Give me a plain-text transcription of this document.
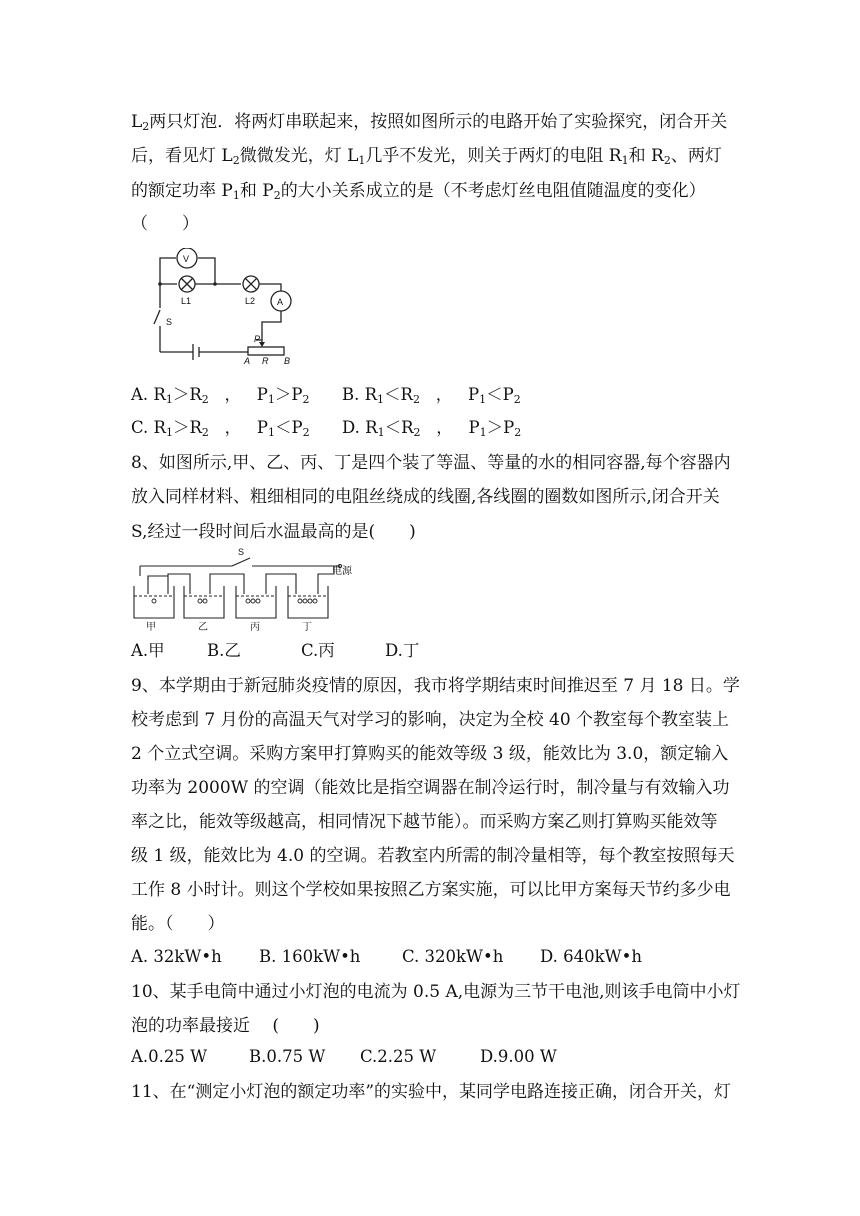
$L_2$两只灯泡．将两灯串联起来，按照如图所示的电路开始了实验探究，闭合开关
后，看见灯 $L_2$微微发光，灯 $L_1$几乎不发光，则关于两灯的电阻 $R_1$和 $R_2$、两灯
的额定功率 $P_1$和 $P_2$的大小关系成立的是（不考虑灯丝电阻值随温度的变化）
（　　）
V
A
L1	L2
S
P
A R B
A. $R_1>R_2$ ， $P_1>P_2$ B. $R_1<R_2$ ， $P_1<P_2$
C. $R_1>R_2$ ， $P_1<P_2$ D. $R_1<R_2$ ， $P_1>P_2$
8、如图所示,甲、乙、丙、丁是四个装了等温、等量的水的相同容器,每个容器内
放入同样材料、粗细相同的电阻丝绕成的线圈,各线圈的圈数如图所示,闭合开关
S,经过一段时间后水温最高的是(　　)
S
电源
甲	乙	丙	丁
A.甲	B.乙	C.丙	D.丁
9、本学期由于新冠肺炎疫情的原因，我市将学期结束时间推迟至 7 月 18 日。学
校考虑到 7 月份的高温天气对学习的影响，决定为全校 40 个教室每个教室装上
2 个立式空调。采购方案甲打算购买的能效等级 3 级，能效比为 3.0，额定输入
功率为 2000W 的空调（能效比是指空调器在制冷运行时，制冷量与有效输入功
率之比，能效等级越高，相同情况下越节能）。而采购方案乙则打算购买能效等
级 1 级，能效比为 4.0 的空调。若教室内所需的制冷量相等，每个教室按照每天
工作 8 小时计。则这个学校如果按照乙方案实施，可以比甲方案每天节约多少电
能。（　　）
A. 32kW•h B. 160kW•h	C. 320kW•h D. 640kW•h
10、某手电筒中通过小灯泡的电流为 0.5 A,电源为三节干电池,则该手电筒中小灯
泡的功率最接近　 (　　)
A.0.25 W	B.0.75 W C.2.25 W	D.9.00 W
11、在“测定小灯泡的额定功率”的实验中，某同学电路连接正确，闭合开关，灯
